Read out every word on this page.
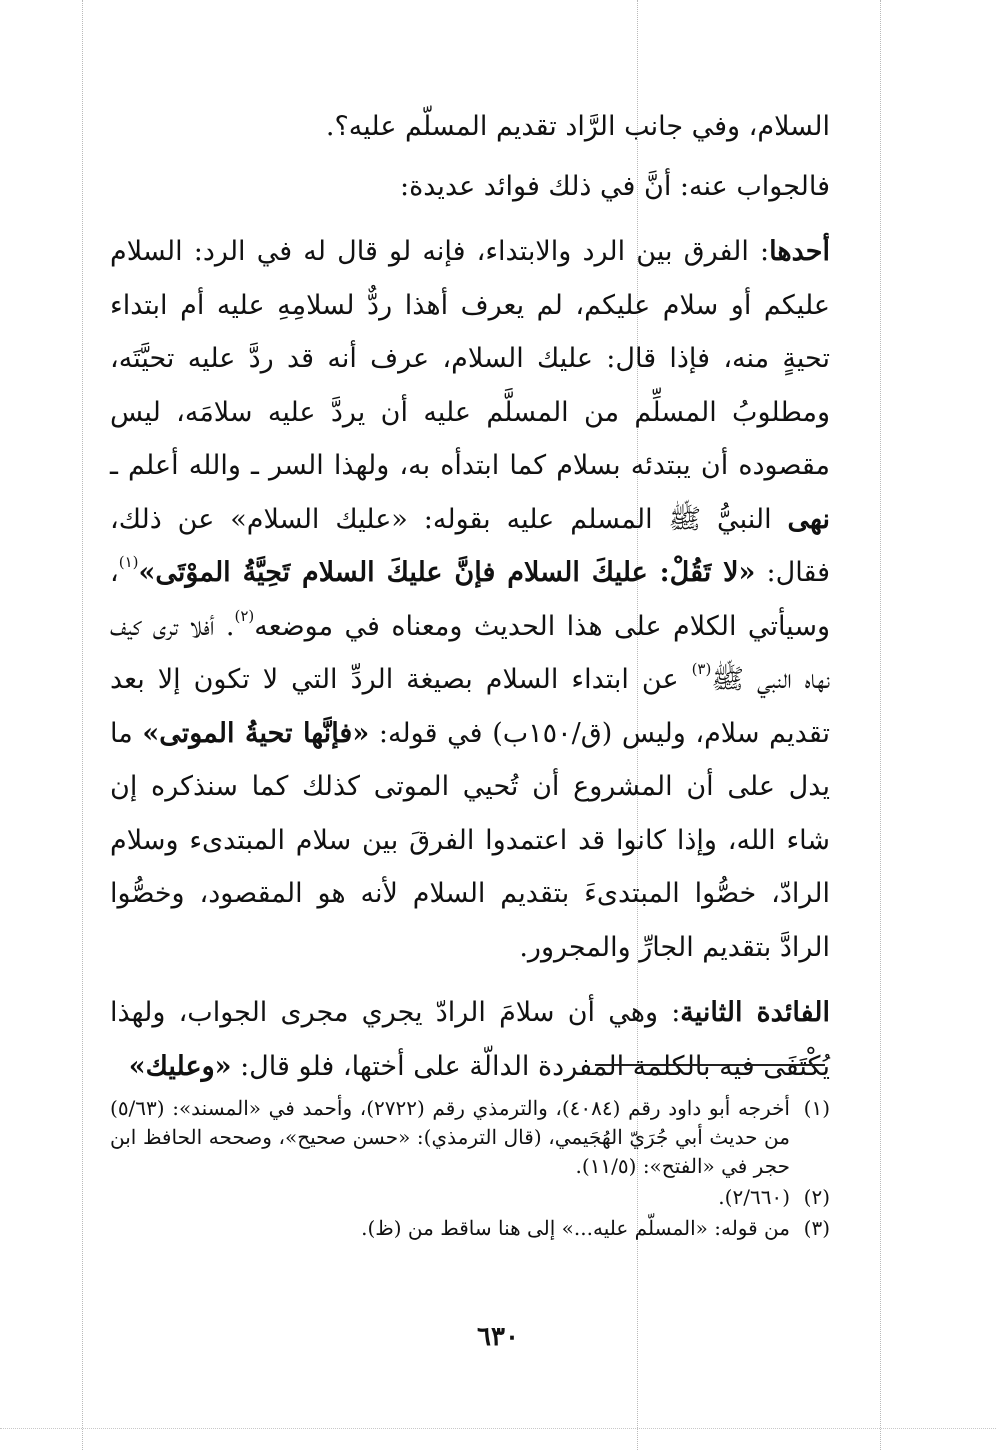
السلام، وفي جانب الرَّاد تقديم المسلّم عليه؟.

فالجواب عنه: أنَّ في ذلك فوائد عديدة:

أحدها: الفرق بين الرد والابتداء، فإنه لو قال له في الرد: السلام عليكم أو سلام عليكم، لم يعرف أهذا ردٌّ لسلامِهِ عليه أم ابتداء تحيةٍ منه، فإذا قال: عليك السلام، عرف أنه قد ردَّ عليه تحيَّتَه، ومطلوبُ المسلِّم من المسلَّم عليه أن يردَّ عليه سلامَه، ليس مقصوده أن يبتدئه بسلام كما ابتدأه به، ولهذا السر ـ والله أعلم ـ نهى النبيُّ ﷺ المسلم عليه بقوله: «عليك السلام» عن ذلك، فقال: «لا تَقُلْ: عليكَ السلام فإنَّ عليكَ السلام تَحِيَّةُ الموْتَى»$^{(١)}$، وسيأتي الكلام على هذا الحديث ومعناه في موضعه$^{(٢)}$. أفلا ترى كيف نهاه النبي ﷺ$^{(٣)}$ عن ابتداء السلام بصيغة الردِّ التي لا تكون إلا بعد تقديم سلام، وليس (ق/١٥٠ب) في قوله: «فإنَّها تحيةُ الموتى» ما يدل على أن المشروع أن تُحيي الموتى كذلك كما سنذكره إن شاء الله، وإذا كانوا قد اعتمدوا الفرقَ بين سلام المبتدىء وسلام الرادّ، خصُّوا المبتدىءَ بتقديم السلام لأنه هو المقصود، وخصُّوا الرادَّ بتقديم الجارِّ والمجرور.

الفائدة الثانية: وهي أن سلامَ الرادّ يجري مجرى الجواب، ولهذا يُكْتَفَى فيه بالكلمة المفردة الدالّة على أختها، فلو قال: «وعليك»

(١)
أخرجه أبو داود رقم (٤٠٨٤)، والترمذي رقم (٢٧٢٢)، وأحمد في «المسند»: (٥/٦٣) من حديث أبي جُرَيّ الهُجَيمي، (قال الترمذي): «حسن صحيح»، وصححه الحافظ ابن حجر في «الفتح»: (١١/٥).
(٢)
(٢/٦٦٠).
(٣)
من قوله: «المسلّم عليه...» إلى هنا ساقط من (ظ).
٦٣٠
